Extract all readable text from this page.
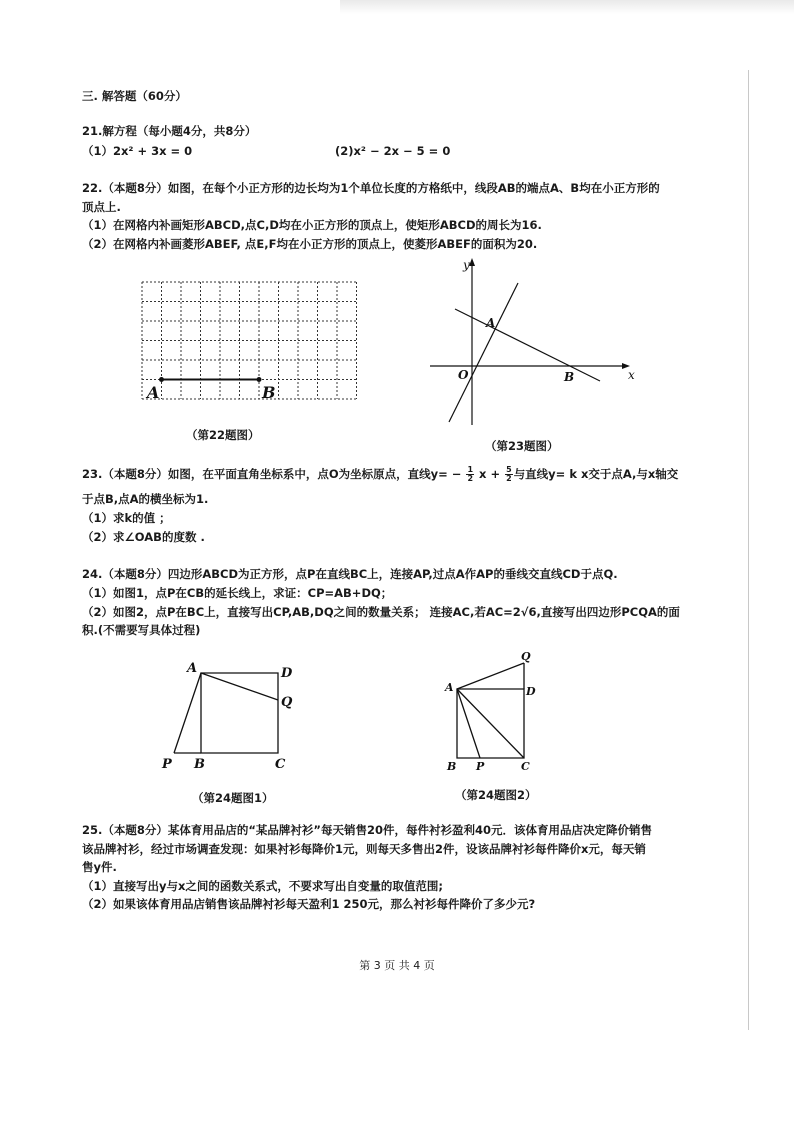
三. 解答题（60分）
21.解方程（每小题4分，共8分）
（1）2x² + 3x = 0	(2)x² − 2x − 5 = 0
22.（本题8分）如图，在每个小正方形的边长均为1个单位长度的方格纸中，线段AB的端点A、B均在小正方形的
顶点上.
（1）在网格内补画矩形ABCD,点C,D均在小正方形的顶点上，使矩形ABCD的周长为16.
（2）在网格内补画菱形ABEF, 点E,F均在小正方形的顶点上，使菱形ABEF的面积为20.
A	B
（第22题图）
y
x
O
A
B
（第23题图）
23.（本题8分）如图，在平面直角坐标系中，点O为坐标原点，直线$y= - \frac{1}{2}$ $x + \frac{5}{2}$ 与直线y= k x交于点A,与x轴交
于点B,点A的横坐标为1.
（1）求k的值 ；
（2）求∠OAB的度数 .
24.（本题8分）四边形ABCD为正方形，点P在直线BC上，连接AP,过点A作AP的垂线交直线CD于点Q.
（1）如图1，点P在CB的延长线上，求证：CP=AB+DQ；
（2）如图2，点P在BC上，直接写出CP,AB,DQ之间的数量关系； 连接AC,若AC=2√6,直接写出四边形PCQA的面
积.(不需要写具体过程)
A	D
Q
P B	C
（第24题图1）
Q
A	D
B P	C
（第24题图2）
25.（本题8分）某体育用品店的“某品牌衬衫”每天销售20件，每件衬衫盈利40元．该体育用品店决定降价销售
该品牌衬衫，经过市场调查发现：如果衬衫每降价1元，则每天多售出2件，设该品牌衬衫每件降价x元，每天销
售y件.
（1）直接写出y与x之间的函数关系式，不要求写出自变量的取值范围;
（2）如果该体育用品店销售该品牌衬衫每天盈利1 250元，那么衬衫每件降价了多少元?
第 3 页 共 4 页
